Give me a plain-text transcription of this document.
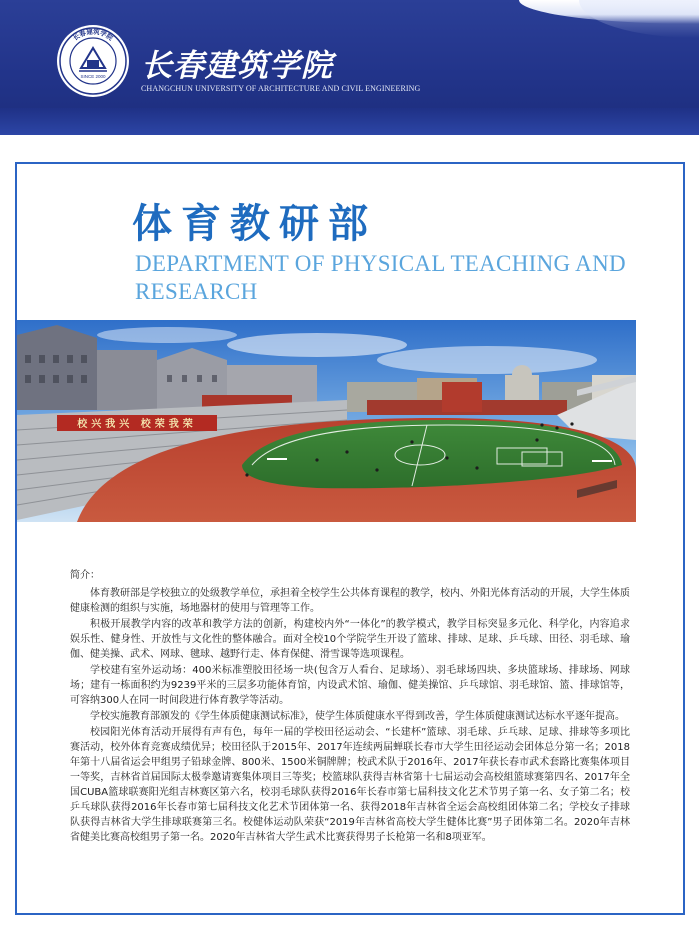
SINCE 2000
长春建筑学院
长春建筑学院
CHANGCHUN UNIVERSITY OF ARCHITECTURE AND CIVIL ENGINEERING
体育教研部
DEPARTMENT OF PHYSICAL TEACHING AND RESEARCH
校兴我兴 校荣我荣

简介：

体育教研部是学校独立的处级教学单位，承担着全校学生公共体育课程的教学，校内、外阳光体育活动的开展，大学生体质健康检测的组织与实施，场地器材的使用与管理等工作。

积极开展教学内容的改革和教学方法的创新，构建校内外“一体化”的教学模式，教学目标突显多元化、科学化，内容追求娱乐性、健身性、开放性与文化性的整体融合。面对全校10个学院学生开设了篮球、排球、足球、乒乓球、田径、羽毛球、瑜伽、健美操、武术、网球、毽球、越野行走、体育保健、滑雪课等选项课程。

学校建有室外运动场：400米标准塑胶田径场一块(包含万人看台、足球场）、羽毛球场四块、多块篮球场、排球场、网球场；建有一栋面积约为9239平米的三层多功能体育馆，内设武术馆、瑜伽、健美操馆、乒乓球馆、羽毛球馆、篮、排球馆等，可容纳300人在同一时间段进行体育教学等活动。

学校实施教育部颁发的《学生体质健康测试标准》，使学生体质健康水平得到改善，学生体质健康测试达标水平逐年提高。

校园阳光体育活动开展得有声有色，每年一届的学校田径运动会、“长建杯”篮球、羽毛球、乒乓球、足球、排球等多项比赛活动，校外体育竞赛成绩优异；校田径队于2015年、2017年连续两届蝉联长春市大学生田径运动会团体总分第一名；2018年第十八届省运会甲组男子铅球金牌、800米、1500米铜牌牌；校武术队于2016年、2017年获长春市武术套路比赛集体项目一等奖，吉林省首届国际太极拳邀请赛集体项目三等奖；校篮球队获得吉林省第十七届运动会高校組篮球赛第四名、2017年全国CUBA篮球联赛阳光组吉林赛区第六名，校羽毛球队获得2016年长春市第七届科技文化艺术节男子第一名、女子第二名；校乒乓球队获得2016年长春市第七届科技文化艺术节团体第一名、获得2018年吉林省全运会高校组团体第二名；学校女子排球队获得吉林省大学生排球联赛第三名。校健体运动队荣获“2019年吉林省高校大学生健体比赛”男子团体第二名。2020年吉林省健美比赛高校组男子第一名。2020年吉林省大学生武术比赛获得男子长枪第一名和8项亚军。
